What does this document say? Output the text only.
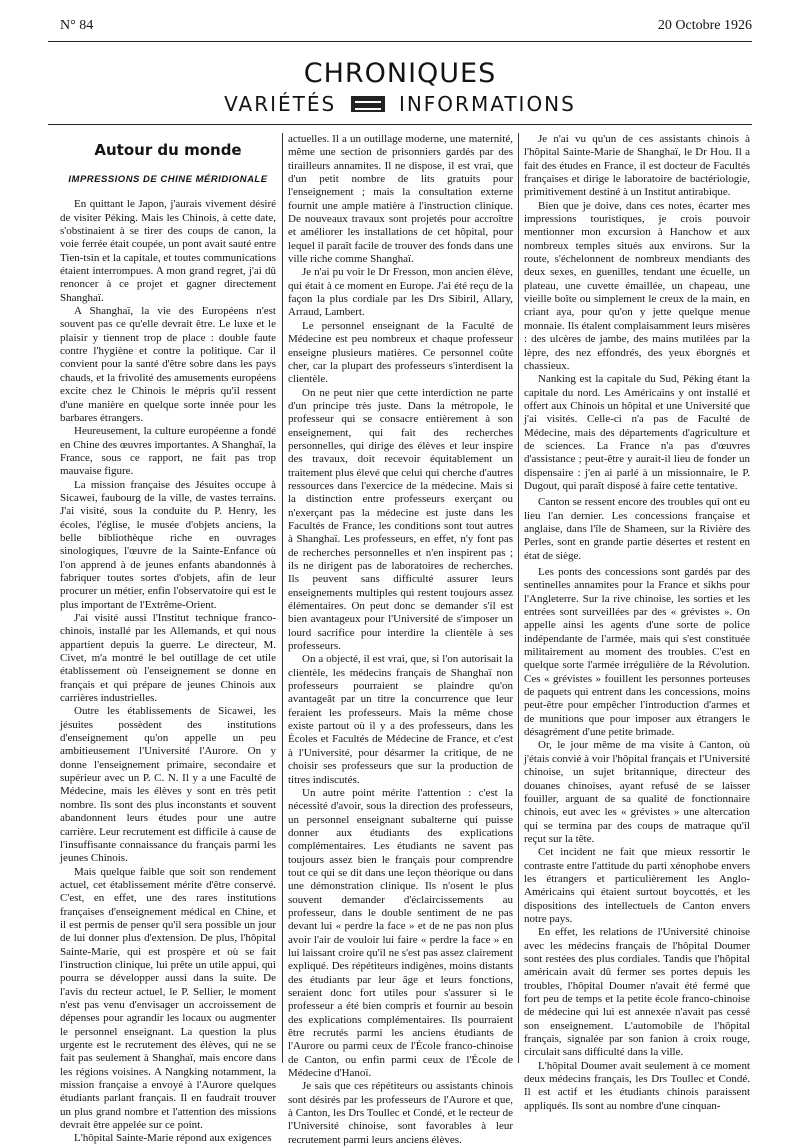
N° 84	20 Octobre 1926
CHRONIQUES
VARIÉTÉS	INFORMATIONS
Autour du monde
IMPRESSIONS DE CHINE MÉRIDIONALE

En quittant le Japon, j'aurais vivement désiré de visiter Péking. Mais les Chinois, à cette date, s'obstinaient à se tirer des coups de canon, la voie ferrée était coupée, un pont avait sauté entre Tien-tsin et la capitale, et toutes communications étaient interrompues. A mon grand regret, j'ai dû renoncer à ce projet et gagner directement Shanghaï.

A Shanghaï, la vie des Européens n'est souvent pas ce qu'elle devrait être. Le luxe et le plaisir y tiennent trop de place : double faute contre l'hygiène et contre la politique. Car il convient pour la santé d'être sobre dans les pays chauds, et la frivolité des amusements européens excite chez le Chinois le mépris qu'il ressent d'une manière en quelque sorte innée pour les barbares étrangers.

Heureusement, la culture européenne a fondé en Chine des œuvres importantes. A Shanghaï, la France, sous ce rapport, ne fait pas trop mauvaise figure.

La mission française des Jésuites occupe à Sicawei, faubourg de la ville, de vastes terrains. J'ai visité, sous la conduite du P. Henry, les écoles, l'église, le musée d'objets anciens, la belle bibliothèque riche en ouvrages sinologiques, l'œuvre de la Sainte-Enfance où l'on apprend à de jeunes enfants abandonnés à fabriquer toutes sortes d'objets, afin de leur procurer un métier, enfin l'observatoire qui est le plus important de l'Extrême-Orient.

J'ai visité aussi l'Institut technique franco-chinois, installé par les Allemands, et qui nous appartient depuis la guerre. Le directeur, M. Civet, m'a montré le bel outillage de cet utile établissement où l'enseignement se donne en français et qui prépare de jeunes Chinois aux carrières industrielles.

Outre les établissements de Sicawei, les jésuites possèdent des institutions d'enseignement qu'on appelle un peu ambitieusement l'Université l'Aurore. On y donne l'enseignement primaire, secondaire et supérieur avec un P. C. N. Il y a une Faculté de Médecine, mais les élèves y sont en très petit nombre. Ils sont des plus inconstants et souvent abandonnent leurs études pour une autre carrière. Leur recrutement est difficile à cause de l'insuffisante connaissance du français parmi les jeunes Chinois.

Mais quelque faible que soit son rendement actuel, cet établissement mérite d'être conservé. C'est, en effet, une des rares institutions françaises d'enseignement médical en Chine, et il est permis de penser qu'il sera possible un jour de lui donner plus d'extension. De plus, l'hôpital Sainte-Marie, qui est prospère et où se fait l'instruction clinique, lui prête un utile appui, qui pourra se développer aussi dans la suite. De l'avis du recteur actuel, le P. Sellier, le moment n'est pas venu d'envisager un accroissement de dépenses pour agrandir les locaux ou augmenter le personnel enseignant. La question la plus urgente est le recrutement des élèves, qui ne se fait pas seulement à Shanghaï, mais encore dans les régions voisines. A Nangking notamment, la mission française a envoyé à l'Aurore quelques étudiants parlant français. Il en faudrait trouver un plus grand nombre et l'attention des missions devrait être appelée sur ce point.

L'hôpital Sainte-Marie répond aux exigences

actuelles. Il a un outillage moderne, une maternité, même une section de prisonniers gardés par des tirailleurs annamites. Il ne dispose, il est vrai, que d'un petit nombre de lits gratuits pour l'enseignement ; mais la consultation externe fournit une ample matière à l'instruction clinique. De nouveaux travaux sont projetés pour accroître et améliorer les installations de cet hôpital, pour lequel il paraît facile de trouver des fonds dans une ville riche comme Shanghaï.

Je n'ai pu voir le Dr Fresson, mon ancien élève, qui était à ce moment en Europe. J'ai été reçu de la façon la plus cordiale par les Drs Sibiril, Allary, Arraud, Lambert.

Le personnel enseignant de la Faculté de Médecine est peu nombreux et chaque professeur enseigne plusieurs matières. Ce personnel coûte cher, car la plupart des professeurs s'interdisent la clientèle.

On ne peut nier que cette interdiction ne parte d'un principe très juste. Dans la métropole, le professeur qui se consacre entièrement à son enseignement, qui fait des recherches personnelles, qui dirige des élèves et leur inspire des travaux, doit recevoir équitablement un traitement plus élevé que celui qui cherche d'autres ressources dans l'exercice de la médecine. Mais si la distinction entre professeurs exerçant ou n'exerçant pas la médecine est juste dans les Facultés de France, les conditions sont tout autres à Shanghaï. Les professeurs, en effet, n'y font pas de recherches personnelles et n'en inspirent pas ; ils ne dirigent pas de laboratoires de recherches. Ils peuvent sans difficulté assurer leurs enseignements multiples qui restent toujours assez élémentaires. On peut donc se demander s'il est bien avantageux pour l'Université de s'imposer un lourd sacrifice pour interdire la clientèle à ses professeurs.

On a objecté, il est vrai, que, si l'on autorisait la clientèle, les médecins français de Shanghaï non professeurs pourraient se plaindre qu'on avantageât par un titre la concurrence que leur feraient les professeurs. Mais la même chose existe partout où il y a des professeurs, dans les Écoles et Facultés de Médecine de France, et c'est à l'Université, pour désarmer la critique, de ne choisir ses professeurs que sur la production de titres indiscutés.

Un autre point mérite l'attention : c'est la nécessité d'avoir, sous la direction des professeurs, un personnel enseignant subalterne qui puisse donner aux étudiants des explications complémentaires. Les étudiants ne savent pas toujours assez bien le français pour comprendre tout ce qui se dit dans une leçon théorique ou dans une démonstration clinique. Ils n'osent le plus souvent demander d'éclaircissements au professeur, dans le double sentiment de ne pas devant lui « perdre la face » et de ne pas non plus avoir l'air de vouloir lui faire « perdre la face » en lui laissant croire qu'il ne s'est pas assez clairement expliqué. Des répétiteurs indigènes, moins distants des étudiants par leur âge et leurs fonctions, seraient donc fort utiles pour s'assurer si le professeur a été bien compris et fournir au besoin des explications complémentaires. Ils pourraient être recrutés parmi les anciens étudiants de l'Aurore ou parmi ceux de l'École franco-chinoise de Canton, ou enfin parmi ceux de l'École de Médecine d'Hanoï.

Je sais que ces répétiteurs ou assistants chinois sont désirés par les professeurs de l'Aurore et que, à Canton, les Drs Toullec et Condé, et le recteur de l'Université chinoise, sont favorables à leur recrutement parmi leurs anciens élèves.

Je n'ai vu qu'un de ces assistants chinois à l'hôpital Sainte-Marie de Shanghaï, le Dr Hou. Il a fait des études en France, il est docteur de Facultés françaises et dirige le laboratoire de bactériologie, primitivement destiné à un Institut antirabique.

Bien que je doive, dans ces notes, écarter mes impressions touristiques, je crois pouvoir mentionner mon excursion à Hanchow et aux nombreux temples situés aux environs. Sur la route, s'échelonnent de nombreux mendiants des deux sexes, en guenilles, tendant une écuelle, un plateau, une cuvette émaillée, un chapeau, une vieille boîte ou simplement le creux de la main, en criant aya, pour qu'on y jette quelque menue monnaie. Ils étalent complaisamment leurs misères : des ulcères de jambe, des mains mutilées par la lèpre, des nez effondrés, des yeux éborgnés et chassieux.

Nanking est la capitale du Sud, Péking étant la capitale du nord. Les Américains y ont installé et offert aux Chinois un hôpital et une Université que j'ai visités. Celle-ci n'a pas de Faculté de Médecine, mais des départements d'agriculture et de sciences. La France n'a pas d'œuvres d'assistance ; peut-être y aurait-il lieu de fonder un dispensaire : j'en ai parlé à un missionnaire, le P. Dugout, qui paraît disposé à faire cette tentative.

Canton se ressent encore des troubles qui ont eu lieu l'an dernier. Les concessions française et anglaise, dans l'île de Shameen, sur la Rivière des Perles, sont en grande partie désertes et restent en état de siège.

Les ponts des concessions sont gardés par des sentinelles annamites pour la France et sikhs pour l'Angleterre. Sur la rive chinoise, les sorties et les entrées sont surveillées par des « grévistes ». On appelle ainsi les agents d'une sorte de police indépendante de l'armée, mais qui s'est constituée militairement au moment des troubles. C'est en quelque sorte l'armée irrégulière de la Révolution. Ces « grévistes » fouillent les personnes porteuses de paquets qui entrent dans les concessions, moins peut-être pour empêcher l'introduction d'armes et de munitions que pour imposer aux étrangers le désagrément d'une petite brimade.

Or, le jour même de ma visite à Canton, où j'étais convié à voir l'hôpital français et l'Université chinoise, un sujet britannique, directeur des douanes chinoises, ayant refusé de se laisser fouiller, arguant de sa qualité de fonctionnaire chinois, eut avec les « grévistes » une altercation qui se termina par des coups de matraque qu'il reçut sur la tête.

Cet incident ne fait que mieux ressortir le contraste entre l'attitude du parti xénophobe envers les étrangers et particulièrement les Anglo-Américains qui étaient surtout boycottés, et les dispositions des intellectuels de Canton envers notre pays.

En effet, les relations de l'Université chinoise avec les médecins français de l'hôpital Doumer sont restées des plus cordiales. Tandis que l'hôpital américain avait dû fermer ses portes depuis les troubles, l'hôpital Doumer n'avait été fermé que fort peu de temps et la petite école franco-chinoise de médecine qui lui est annexée n'avait pas cessé son enseignement. L'automobile de l'hôpital français, signalée par son fanion à croix rouge, circulait sans difficulté dans la ville.

L'hôpital Doumer avait seulement à ce moment deux médecins français, les Drs Toullec et Condé. Il est actif et les étudiants chinois paraissent appliqués. Ils sont au nombre d'une cinquan-
